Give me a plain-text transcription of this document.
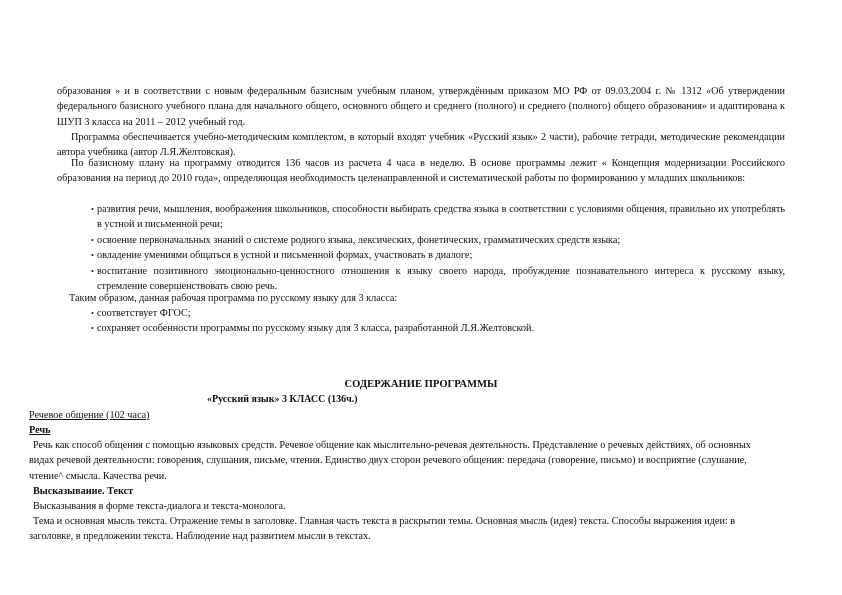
образования » и в соответствии с новым федеральным базисным учебным планом, утверждённым приказом МО РФ от 09.03.2004 г. № 1312 «Об утверждении федерального базисного учебного плана для начального общего, основного общего и среднего (полного) и среднего (полного) общего образования» и адаптирована к ШУП 3 класса на 2011 – 2012 учебный год.
Программа обеспечивается учебно-методическим комплектом, в который входят учебник «Русский язык» 2 части), рабочие тетради, методические рекомендации автора учебника (автор Л.Я.Желтовская).
По базисному плану на программу отводится 136 часов из расчета 4 часа в неделю. В основе программы лежит « Концепция модернизации Российского образования на период до 2010 года», определяющая необходимость целенаправленной и систематической работы по формированию у младших школьников:
• развития речи, мышления, воображения школьников, способности выбирать средства языка в соответствии с условиями общения, правильно их употреблять в устной и письменной речи;
• освоение первоначальных знаний о системе родного языка, лексических, фонетических, грамматических средств языка;
• овладение умениями общаться в устной и письменной формах, участвовать в диалоге;
• воспитание позитивного эмоционально-ценностного отношения к языку своего народа, пробуждение познавательного интереса к русскому языку, стремление совершенствовать свою речь.
Таким образом, данная рабочая программа по русскому языку для 3 класса:
• соответствует ФГОС;
• сохраняет особенности программы по русскому языку для 3 класса, разработанной Л.Я.Желтовской.
СОДЕРЖАНИЕ ПРОГРАММЫ
«Русский язык» 3 КЛАСС (136ч.)
Речевое общение (102 часа)
Речь
Речь как способ общения с помощью языковых средств. Речевое общение как мыслительно-речевая деятельность. Представление о речевых действиях, об основных видах речевой деятельности: говорения, слушания, письме, чтения. Единство двух сторон речевого общения: передача (говорение, письмо) и восприятие (слушание, чтение^ смысла. Качества речи.
Высказывание. Текст
Высказывания в форме текста-диалога и текста-монолога.
Тема и основная мысль текста. Отражение темы в заголовке. Главная часть текста в раскрытии темы. Основная мысль (идея) текста. Способы выражения идеи: в заголовке, в предложении текста. Наблюдение над развитием мысли в текстах.
